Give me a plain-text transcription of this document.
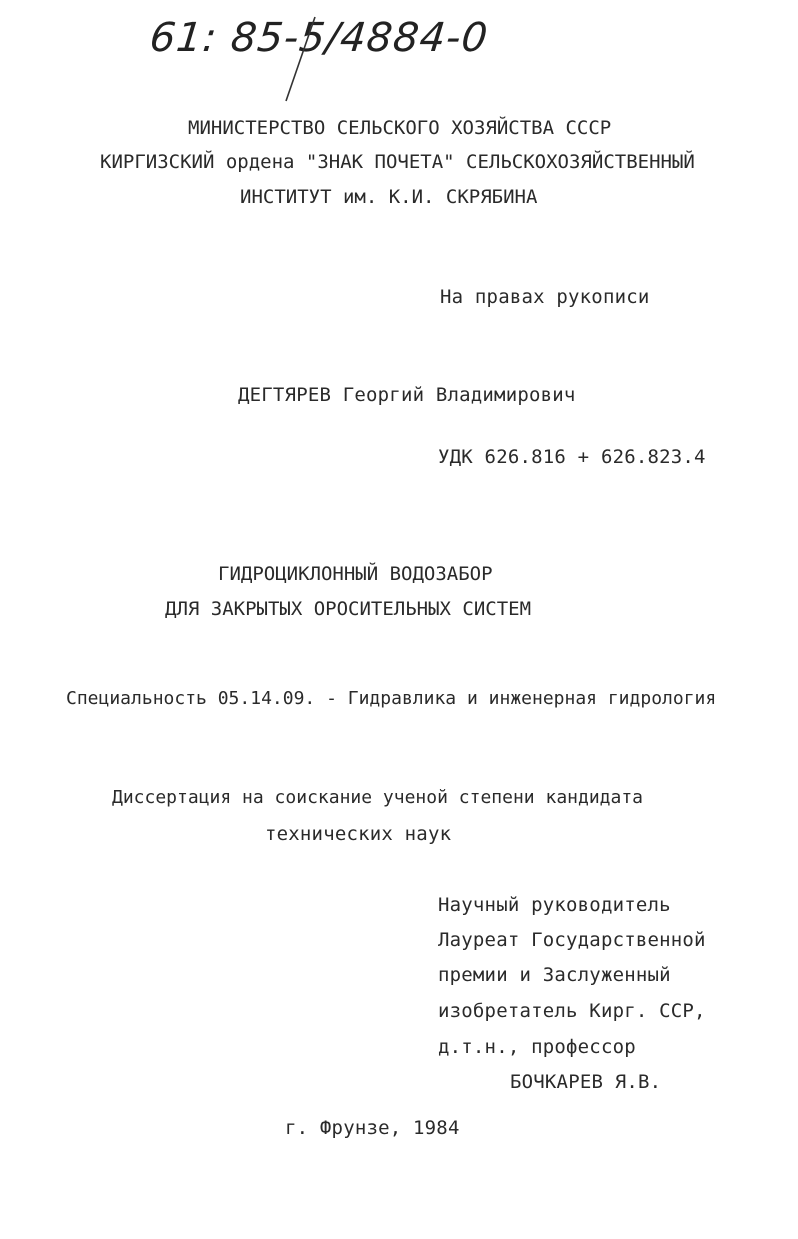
61: 85-5/4884-0
МИНИСТЕРСТВО СЕЛЬСКОГО ХОЗЯЙСТВА СССР
КИРГИЗСКИЙ ордена "ЗНАК ПОЧЕТА" СЕЛЬСКОХОЗЯЙСТВЕННЫЙ
ИНСТИТУТ им. К.И. СКРЯБИНА
На правах рукописи
ДЕГТЯРЕВ Георгий Владимирович
УДК 626.816 + 626.823.4
ГИДРОЦИКЛОННЫЙ ВОДОЗАБОР
ДЛЯ ЗАКРЫТЫХ ОРОСИТЕЛЬНЫХ СИСТЕМ
Специальность 05.14.09. - Гидравлика и инженерная гидрология
Диссертация на соискание ученой степени кандидата
технических наук
Научный руководитель
Лауреат Государственной
премии и Заслуженный
изобретатель Кирг. ССР,
д.т.н., профессор
БОЧКАРЕВ Я.В.
г. Фрунзе, 1984
